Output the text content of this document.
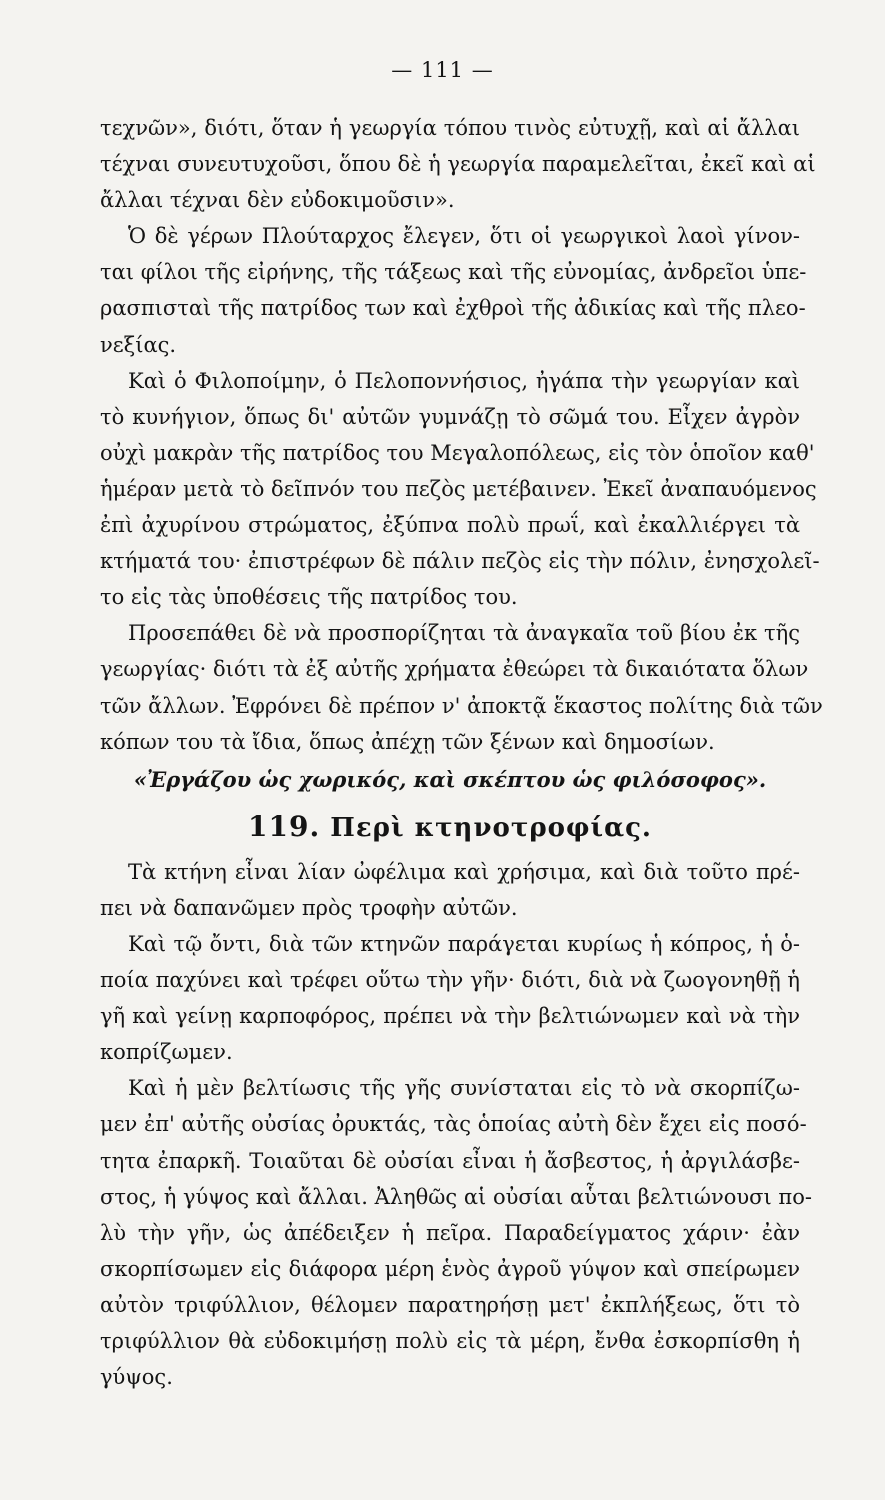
— 111 —
τεχνῶν», διότι, ὅταν ἡ γεωργία τόπου τινὸς εὐτυχῇ, καὶ αἱ ἄλλαι
τέχναι συνευτυχοῦσι, ὅπου δὲ ἡ γεωργία παραμελεῖται, ἐκεῖ καὶ αἱ
ἄλλαι τέχναι δὲν εὐδοκιμοῦσιν».
Ὁ δὲ γέρων Πλούταρχος ἔλεγεν, ὅτι οἱ γεωργικοὶ λαοὶ γίνον-
ται φίλοι τῆς εἰρήνης, τῆς τάξεως καὶ τῆς εὐνομίας, ἀνδρεῖοι ὑπε-
ρασπισταὶ τῆς πατρίδος των καὶ ἐχθροὶ τῆς ἀδικίας καὶ τῆς πλεο-
νεξίας.
Καὶ ὁ Φιλοποίμην, ὁ Πελοποννήσιος, ἠγάπα τὴν γεωργίαν καὶ
τὸ κυνήγιον, ὅπως δι' αὐτῶν γυμνάζῃ τὸ σῶμά του. Εἶχεν ἀγρὸν
οὐχὶ μακρὰν τῆς πατρίδος του Μεγαλοπόλεως, εἰς τὸν ὁποῖον καθ'
ἡμέραν μετὰ τὸ δεῖπνόν του πεζὸς μετέβαινεν. Ἐκεῖ ἀναπαυόμενος
ἐπὶ ἀχυρίνου στρώματος, ἐξύπνα πολὺ πρωΐ, καὶ ἐκαλλιέργει τὰ
κτήματά του· ἐπιστρέφων δὲ πάλιν πεζὸς εἰς τὴν πόλιν, ἐνησχολεῖ-
το εἰς τὰς ὑποθέσεις τῆς πατρίδος του.
Προσεπάθει δὲ νὰ προσπορίζηται τὰ ἀναγκαῖα τοῦ βίου ἐκ τῆς
γεωργίας· διότι τὰ ἐξ αὐτῆς χρήματα ἐθεώρει τὰ δικαιότατα ὅλων
τῶν ἄλλων. Ἐφρόνει δὲ πρέπον ν' ἀποκτᾷ ἕκαστος πολίτης διὰ τῶν
κόπων του τὰ ἴδια, ὅπως ἀπέχῃ τῶν ξένων καὶ δημοσίων.
«Ἐργάζου ὡς χωρικός, καὶ σκέπτου ὡς φιλόσοφος».
119. Περὶ κτηνοτροφίας.
Τὰ κτήνη εἶναι λίαν ὠφέλιμα καὶ χρήσιμα, καὶ διὰ τοῦτο πρέ-
πει νὰ δαπανῶμεν πρὸς τροφὴν αὐτῶν.
Καὶ τῷ ὄντι, διὰ τῶν κτηνῶν παράγεται κυρίως ἡ κόπρος, ἡ ὁ-
ποία παχύνει καὶ τρέφει οὕτω τὴν γῆν· διότι, διὰ νὰ ζωογονηθῇ ἡ
γῆ καὶ γείνῃ καρποφόρος, πρέπει νὰ τὴν βελτιώνωμεν καὶ νὰ τὴν
κοπρίζωμεν.
Καὶ ἡ μὲν βελτίωσις τῆς γῆς συνίσταται εἰς τὸ νὰ σκορπίζω-
μεν ἐπ' αὐτῆς οὐσίας ὀρυκτάς, τὰς ὁποίας αὐτὴ δὲν ἔχει εἰς ποσό-
τητα ἐπαρκῆ. Τοιαῦται δὲ οὐσίαι εἶναι ἡ ἄσβεστος, ἡ ἀργιλάσβε-
στος, ἡ γύψος καὶ ἄλλαι. Ἀληθῶς αἱ οὐσίαι αὗται βελτιώνουσι πο-
λὺ τὴν γῆν, ὡς ἀπέδειξεν ἡ πεῖρα. Παραδείγματος χάριν· ἐὰν
σκορπίσωμεν εἰς διάφορα μέρη ἑνὸς ἀγροῦ γύψον καὶ σπείρωμεν
αὐτὸν τριφύλλιον, θέλομεν παρατηρήσῃ μετ' ἐκπλήξεως, ὅτι τὸ
τριφύλλιον θὰ εὐδοκιμήσῃ πολὺ εἰς τὰ μέρη, ἔνθα ἐσκορπίσθη ἡ
γύψος.
